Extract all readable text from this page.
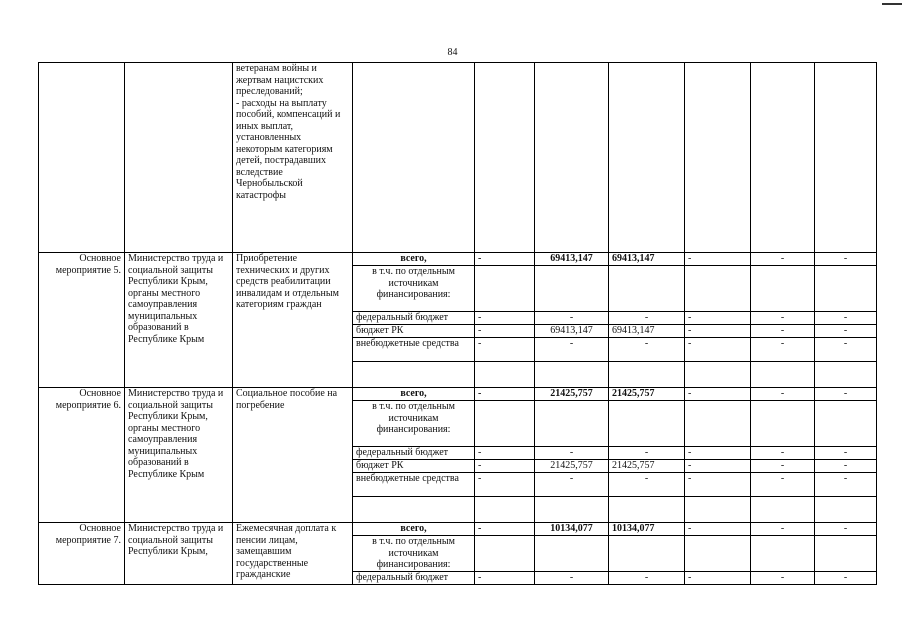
84

		ветеранам войны и жертвам нацистских преследований;
- расходы на выплату пособий, компенсаций и иных выплат, установленных некоторым категориям детей, пострадавших вследствие Чернобыльской катастрофы							

Основное мероприятие 5.	Министерство труда и социальной защиты Республики Крым, органы местного самоуправления муниципальных образований в Республике Крым	Приобретение технических и других средств реабилитации инвалидам и отдельным категориям граждан	всего,	-	69413,147	69413,147	-	-	-
			в т.ч. по отдельным источникам финансирования:						
			федеральный бюджет	-	-	-	-	-	-
			бюджет РК	-	69413,147	69413,147	-	-	-
			внебюджетные средства	-	-	-	-	-	-

Основное мероприятие 6.	Министерство труда и социальной защиты Республики Крым, органы местного самоуправления муниципальных образований в Республике Крым	Социальное пособие на погребение	всего,	-	21425,757	21425,757	-	-	-
			в т.ч. по отдельным источникам финансирования:						
			федеральный бюджет	-	-	-	-	-	-
			бюджет РК	-	21425,757	21425,757	-	-	-
			внебюджетные средства	-	-	-	-	-	-

Основное мероприятие 7.	Министерство труда и социальной защиты Республики Крым,	Ежемесячная доплата к пенсии лицам, замещавшим государственные гражданские	всего,	-	10134,077	10134,077	-	-	-
			в т.ч. по отдельным источникам финансирования:						
			федеральный бюджет	-	-	-	-	-	-
